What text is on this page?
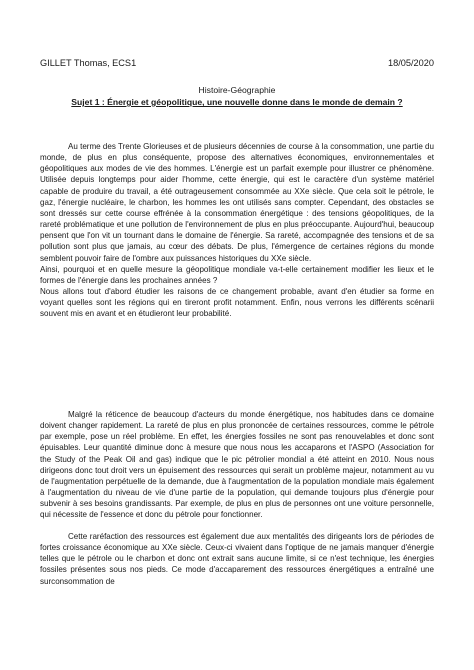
GILLET Thomas, ECS1	18/05/2020
Histoire-Géographie
Sujet 1 : Énergie et géopolitique, une nouvelle donne dans le monde de demain ?

Au terme des Trente Glorieuses et de plusieurs décennies de course à la consommation, une partie du monde, de plus en plus conséquente, propose des alternatives économiques, environnementales et géopolitiques aux modes de vie des hommes. L'énergie est un parfait exemple pour illustrer ce phénomène. Utilisée depuis longtemps pour aider l'homme, cette énergie, qui est le caractère d'un système matériel capable de produire du travail, a été outrageusement consommée au XXe siècle. Que cela soit le pétrole, le gaz, l'énergie nucléaire, le charbon, les hommes les ont utilisés sans compter. Cependant, des obstacles se sont dressés sur cette course effrénée à la consommation énergétique : des tensions géopolitiques, de la rareté problématique et une pollution de l'environnement de plus en plus préoccupante. Aujourd'hui, beaucoup pensent que l'on vit un tournant dans le domaine de l'énergie. Sa rareté, accompagnée des tensions et de sa pollution sont plus que jamais, au cœur des débats. De plus, l'émergence de certaines régions du monde semblent pouvoir faire de l'ombre aux puissances historiques du XXe siècle.

Ainsi, pourquoi et en quelle mesure la géopolitique mondiale va-t-elle certainement modifier les lieux et le formes de l'énergie dans les prochaines années ?

Nous allons tout d'abord étudier les raisons de ce changement probable, avant d'en étudier sa forme en voyant quelles sont les régions qui en tireront profit notamment. Enfin, nous verrons les différents scénarii souvent mis en avant et en étudieront leur probabilité.

Malgré la réticence de beaucoup d'acteurs du monde énergétique, nos habitudes dans ce domaine doivent changer rapidement. La rareté de plus en plus prononcée de certaines ressources, comme le pétrole par exemple, pose un réel problème. En effet, les énergies fossiles ne sont pas renouvelables et donc sont épuisables. Leur quantité diminue donc à mesure que nous nous les accaparons et l'ASPO (Association for the Study of the Peak Oil and gas) indique que le pic pétrolier mondial a été atteint en 2010. Nous nous dirigeons donc tout droit vers un épuisement des ressources qui serait un problème majeur, notamment au vu de l'augmentation perpétuelle de la demande, due à l'augmentation de la population mondiale mais également à l'augmentation du niveau de vie d'une partie de la population, qui demande toujours plus d'énergie pour subvenir à ses besoins grandissants. Par exemple, de plus en plus de personnes ont une voiture personnelle, qui nécessite de l'essence et donc du pétrole pour fonctionner.

Cette raréfaction des ressources est également due aux mentalités des dirigeants lors de périodes de fortes croissance économique au XXe siècle. Ceux-ci vivaient dans l'optique de ne jamais manquer d'énergie telles que le pétrole ou le charbon et donc ont extrait sans aucune limite, si ce n'est technique, les énergies fossiles présentes sous nos pieds. Ce mode d'accaparement des ressources énergétiques a entraîné une surconsommation de
